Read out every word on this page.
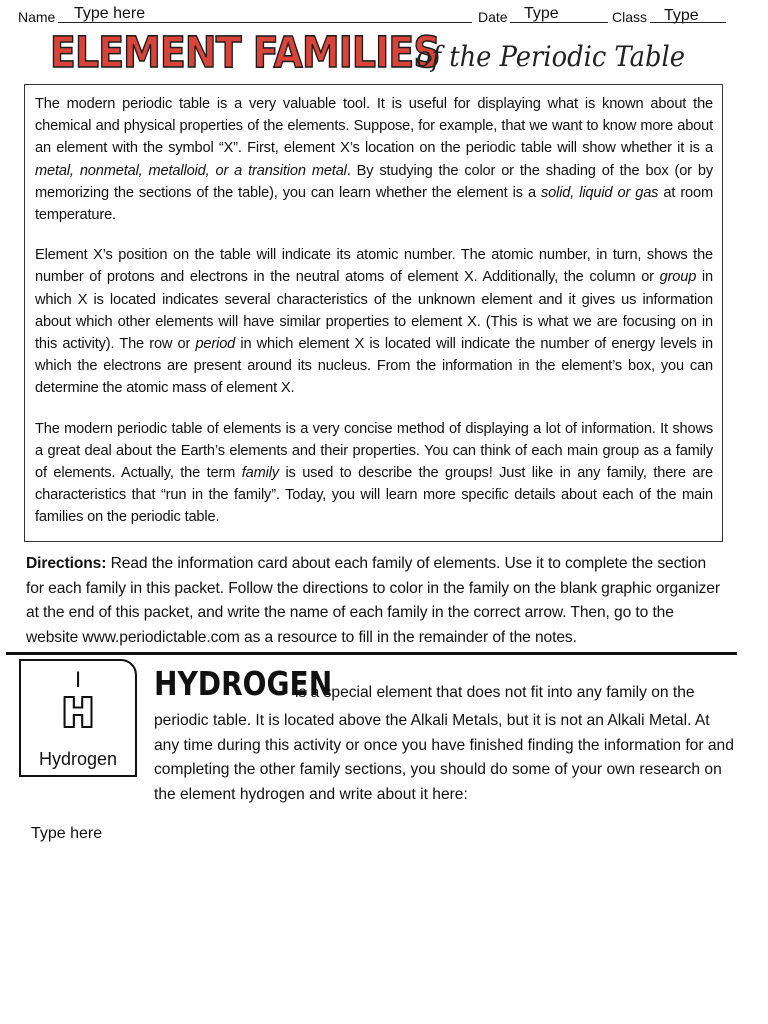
Name Type here	Date Type	Class Type
ELEMENT FAMILIES
of the Periodic Table

The modern periodic table is a very valuable tool. It is useful for displaying what is known about the chemical and physical properties of the elements. Suppose, for example, that we want to know more about an element with the symbol “X”. First, element X’s location on the periodic table will show whether it is a metal, nonmetal, metalloid, or a transition metal. By studying the color or the shading of the box (or by memorizing the sections of the table), you can learn whether the element is a solid, liquid or gas at room temperature.

Element X’s position on the table will indicate its atomic number. The atomic number, in turn, shows the number of protons and electrons in the neutral atoms of element X. Additionally, the column or group in which X is located indicates several characteristics of the unknown element and it gives us information about which other elements will have similar properties to element X. (This is what we are focusing on in this activity). The row or period in which element X is located will indicate the number of energy levels in which the electrons are present around its nucleus. From the information in the element’s box, you can determine the atomic mass of element X.

The modern periodic table of elements is a very concise method of displaying a lot of information. It shows a great deal about the Earth’s elements and their properties. You can think of each main group as a family of elements. Actually, the term family is used to describe the groups! Just like in any family, there are characteristics that “run in the family”. Today, you will learn more specific details about each of the main families on the periodic table.

Directions: Read the information card about each family of elements. Use it to complete the section for each family in this packet. Follow the directions to color in the family on the blank graphic organizer at the end of this packet, and write the name of each family in the correct arrow. Then, go to the website www.periodictable.com as a resource to fill in the remainder of the notes.
I
H
Hydrogen
HYDROGEN
is a special element that does not fit into any family on the
periodic table. It is located above the Alkali Metals, but it is not an Alkali Metal. At any time during this activity or once you have finished finding the information for and completing the other family sections, you should do some of your own research on the element hydrogen and write about it here:
Type here
